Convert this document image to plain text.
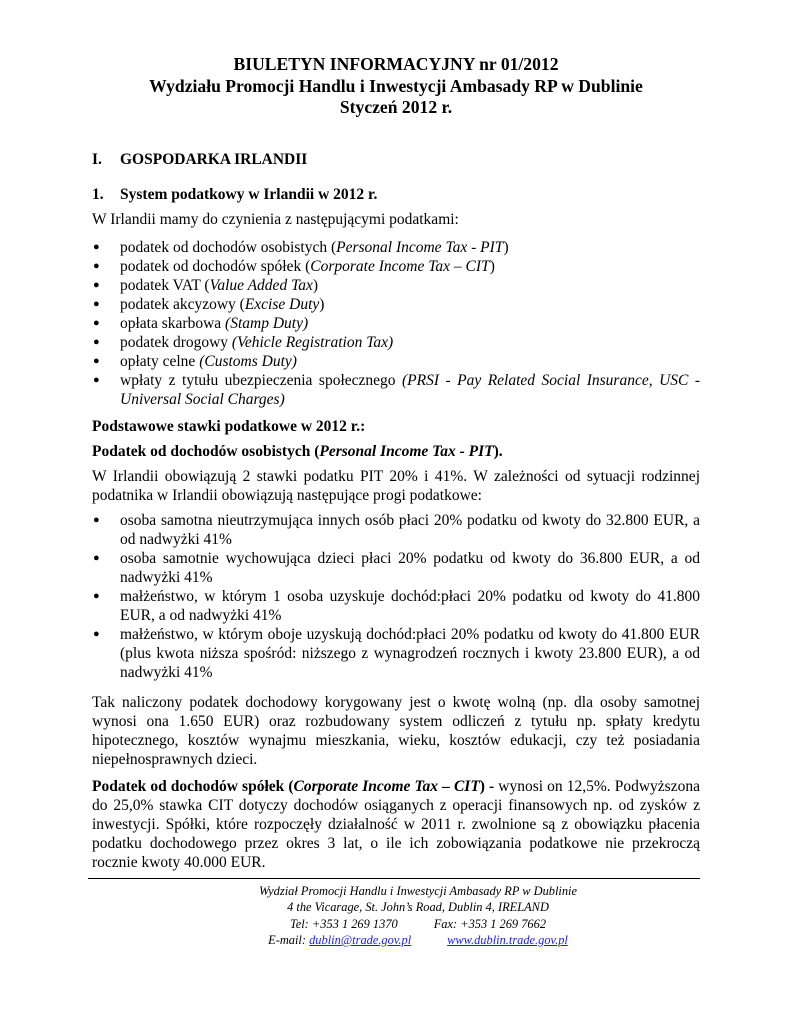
BIULETYN INFORMACYJNY nr 01/2012
Wydziału Promocji Handlu i Inwestycji Ambasady RP w Dublinie
Styczeń 2012 r.
I.	GOSPODARKA IRLANDII
1.	System podatkowy w Irlandii w 2012 r.

W Irlandii mamy do czynienia z następującymi podatkami:

● podatek od dochodów osobistych (Personal Income Tax - PIT)
● podatek od dochodów spółek (Corporate Income Tax – CIT)
● podatek VAT (Value Added Tax)
● podatek akcyzowy (Excise Duty)
● opłata skarbowa (Stamp Duty)
● podatek drogowy (Vehicle Registration Tax)
● opłaty celne (Customs Duty)
● wpłaty z tytułu ubezpieczenia społecznego (PRSI - Pay Related Social Insurance, USC - Universal Social Charges)
Podstawowe stawki podatkowe w 2012 r.:
Podatek od dochodów osobistych (Personal Income Tax - PIT).

W Irlandii obowiązują 2 stawki podatku PIT 20% i 41%. W zależności od sytuacji rodzinnej podatnika w Irlandii obowiązują następujące progi podatkowe:

● osoba samotna nieutrzymująca innych osób płaci 20% podatku od kwoty do 32.800 EUR, a od nadwyżki 41%
● osoba samotnie wychowująca dzieci płaci 20% podatku od kwoty do 36.800 EUR, a od nadwyżki 41%
● małżeństwo, w którym 1 osoba uzyskuje dochód:płaci 20% podatku od kwoty do 41.800 EUR, a od nadwyżki 41%
● małżeństwo, w którym oboje uzyskują dochód:płaci 20% podatku od kwoty do 41.800 EUR (plus kwota niższa spośród: niższego z wynagrodzeń rocznych i kwoty 23.800 EUR), a od nadwyżki 41%

Tak naliczony podatek dochodowy korygowany jest o kwotę wolną (np. dla osoby samotnej wynosi ona 1.650 EUR) oraz rozbudowany system odliczeń z tytułu np. spłaty kredytu hipotecznego, kosztów wynajmu mieszkania, wieku, kosztów edukacji, czy też posiadania niepełnosprawnych dzieci.

Podatek od dochodów spółek (Corporate Income Tax – CIT) - wynosi on 12,5%. Podwyższona do 25,0% stawka CIT dotyczy dochodów osiąganych z operacji finansowych np. od zysków z inwestycji. Spółki, które rozpoczęły działalność w 2011 r. zwolnione są z obowiązku płacenia podatku dochodowego przez okres 3 lat, o ile ich zobowiązania podatkowe nie przekroczą rocznie kwoty 40.000 EUR.

Wydział Promocji Handlu i Inwestycji Ambasady RP w Dublinie
4 the Vicarage, St. John’s Road, Dublin 4, IRELAND
Tel: +353 1 269 1370	Fax: +353 1 269 7662
E-mail: dublin@trade.gov.pl	www.dublin.trade.gov.pl
